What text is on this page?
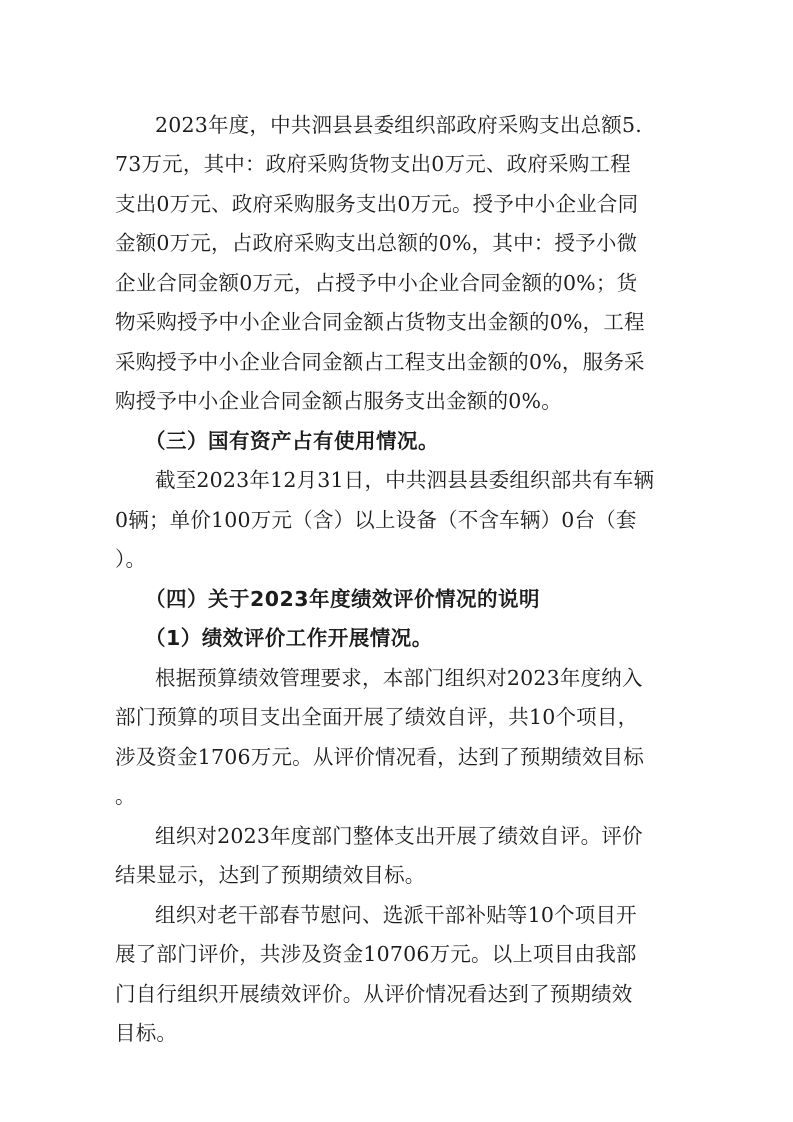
2023年度，中共泗县县委组织部政府采购支出总额5.
73万元，其中：政府采购货物支出0万元、政府采购工程
支出0万元、政府采购服务支出0万元。授予中小企业合同
金额0万元，占政府采购支出总额的0%，其中：授予小微
企业合同金额0万元，占授予中小企业合同金额的0%；货
物采购授予中小企业合同金额占货物支出金额的0%，工程
采购授予中小企业合同金额占工程支出金额的0%，服务采
购授予中小企业合同金额占服务支出金额的0%。
（三）国有资产占有使用情况。
截至2023年12月31日，中共泗县县委组织部共有车辆
0辆；单价100万元（含）以上设备（不含车辆）0台（套
）。
（四）关于2023年度绩效评价情况的说明
（1）绩效评价工作开展情况。
根据预算绩效管理要求，本部门组织对2023年度纳入
部门预算的项目支出全面开展了绩效自评，共10个项目，
涉及资金1706万元。从评价情况看，达到了预期绩效目标
。
组织对2023年度部门整体支出开展了绩效自评。评价
结果显示，达到了预期绩效目标。
组织对老干部春节慰问、选派干部补贴等10个项目开
展了部门评价，共涉及资金10706万元。以上项目由我部
门自行组织开展绩效评价。从评价情况看达到了预期绩效
目标。
